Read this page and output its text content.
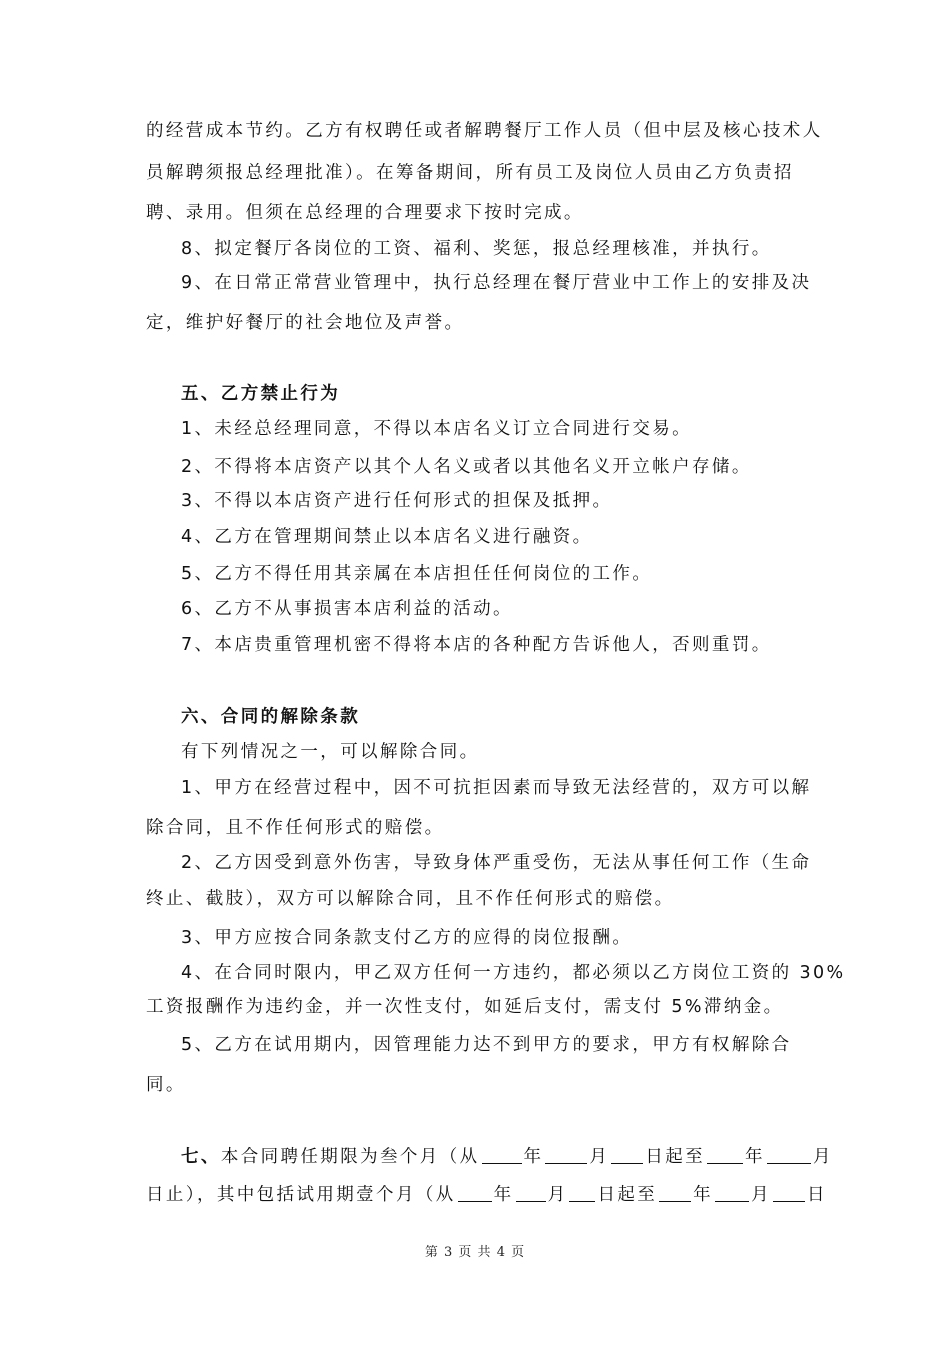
的经营成本节约。乙方有权聘任或者解聘餐厅工作人员（但中层及核心技术人
员解聘须报总经理批准）。在筹备期间，所有员工及岗位人员由乙方负责招
聘、录用。但须在总经理的合理要求下按时完成。
8、拟定餐厅各岗位的工资、福利、奖惩，报总经理核准，并执行。
9、在日常正常营业管理中，执行总经理在餐厅营业中工作上的安排及决
定，维护好餐厅的社会地位及声誉。
五、乙方禁止行为
1、未经总经理同意，不得以本店名义订立合同进行交易。
2、不得将本店资产以其个人名义或者以其他名义开立帐户存储。
3、不得以本店资产进行任何形式的担保及抵押。
4、乙方在管理期间禁止以本店名义进行融资。
5、乙方不得任用其亲属在本店担任任何岗位的工作。
6、乙方不从事损害本店利益的活动。
7、本店贵重管理机密不得将本店的各种配方告诉他人，否则重罚。
六、合同的解除条款
有下列情况之一，可以解除合同。
1、甲方在经营过程中，因不可抗拒因素而导致无法经营的，双方可以解
除合同，且不作任何形式的赔偿。
2、乙方因受到意外伤害，导致身体严重受伤，无法从事任何工作（生命
终止、截肢），双方可以解除合同，且不作任何形式的赔偿。
3、甲方应按合同条款支付乙方的应得的岗位报酬。
4、在合同时限内，甲乙双方任何一方违约，都必须以乙方岗位工资的 30%
工资报酬作为违约金，并一次性支付，如延后支付，需支付 5%滞纳金。
5、乙方在试用期内，因管理能力达不到甲方的要求，甲方有权解除合
同。
七、本合同聘任期限为叁个月（从	年	月 日起至 年	月
日止），其中包括试用期壹个月（从 年 月 日起至 年 月 日
第 3 页 共 4 页
